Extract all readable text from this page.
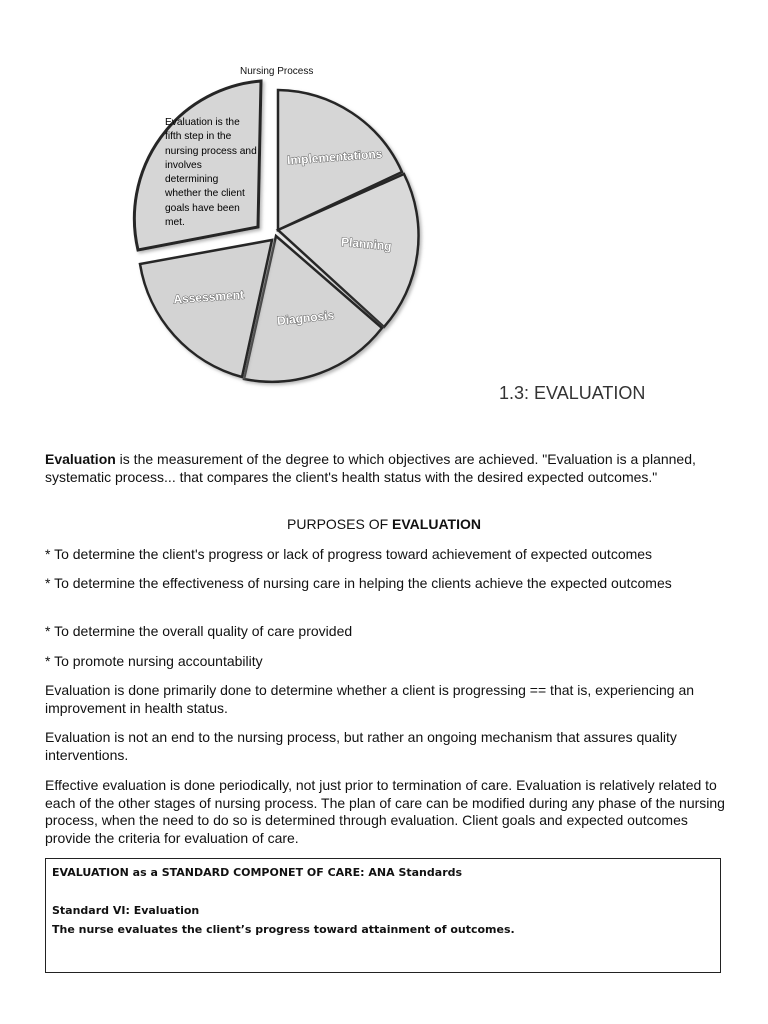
Nursing Process
Implementations
Planning
Diagnosis
Assessment
Evaluation is the fifth step in the nursing process and involves determining whether the client goals have been met.
1.3: EVALUATION
Evaluation is the measurement of the degree to which objectives are achieved. "Evaluation is a planned, systematic process... that compares the client's health status with the desired expected outcomes."
PURPOSES OF EVALUATION
* To determine the client's progress or lack of progress toward achievement of expected outcomes
* To determine the effectiveness of nursing care in helping the clients achieve the expected outcomes
* To determine the overall quality of care provided
* To promote nursing accountability
Evaluation is done primarily done to determine whether a client is progressing == that is, experiencing an improvement in health status.
Evaluation is not an end to the nursing process, but rather an ongoing mechanism that assures quality interventions.
Effective evaluation is done periodically, not just prior to termination of care. Evaluation is relatively related to each of the other stages of nursing process. The plan of care can be modified during any phase of the nursing process, when the need to do so is determined through evaluation. Client goals and expected outcomes provide the criteria for evaluation of care.
EVALUATION as a STANDARD COMPONET OF CARE: ANA Standards
Standard VI: Evaluation
The nurse evaluates the client’s progress toward attainment of outcomes.
